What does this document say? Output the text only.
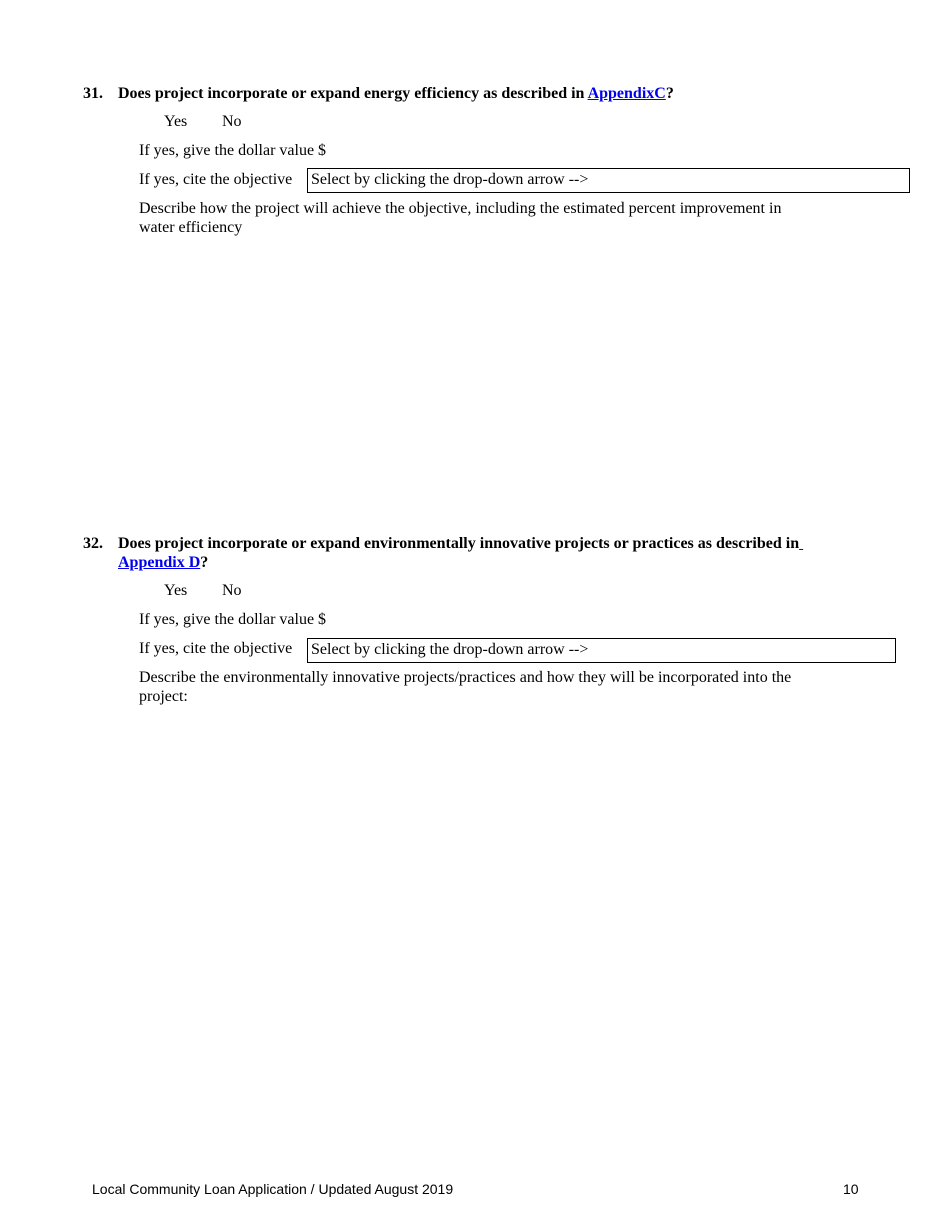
31. Does project incorporate or expand energy efficiency as described in AppendixC?
Yes No
If yes, give the dollar value $
If yes, cite the objective Select by clicking the drop-down arrow -->
Describe how the project will achieve the objective, including the estimated percent improvement in
water efficiency
32. Does project incorporate or expand environmentally innovative projects or practices as described in
Appendix D?
Yes No
If yes, give the dollar value $
If yes, cite the objective Select by clicking the drop-down arrow -->
Describe the environmentally innovative projects/practices and how they will be incorporated into the
project:
Local Community Loan Application / Updated August 2019	10
